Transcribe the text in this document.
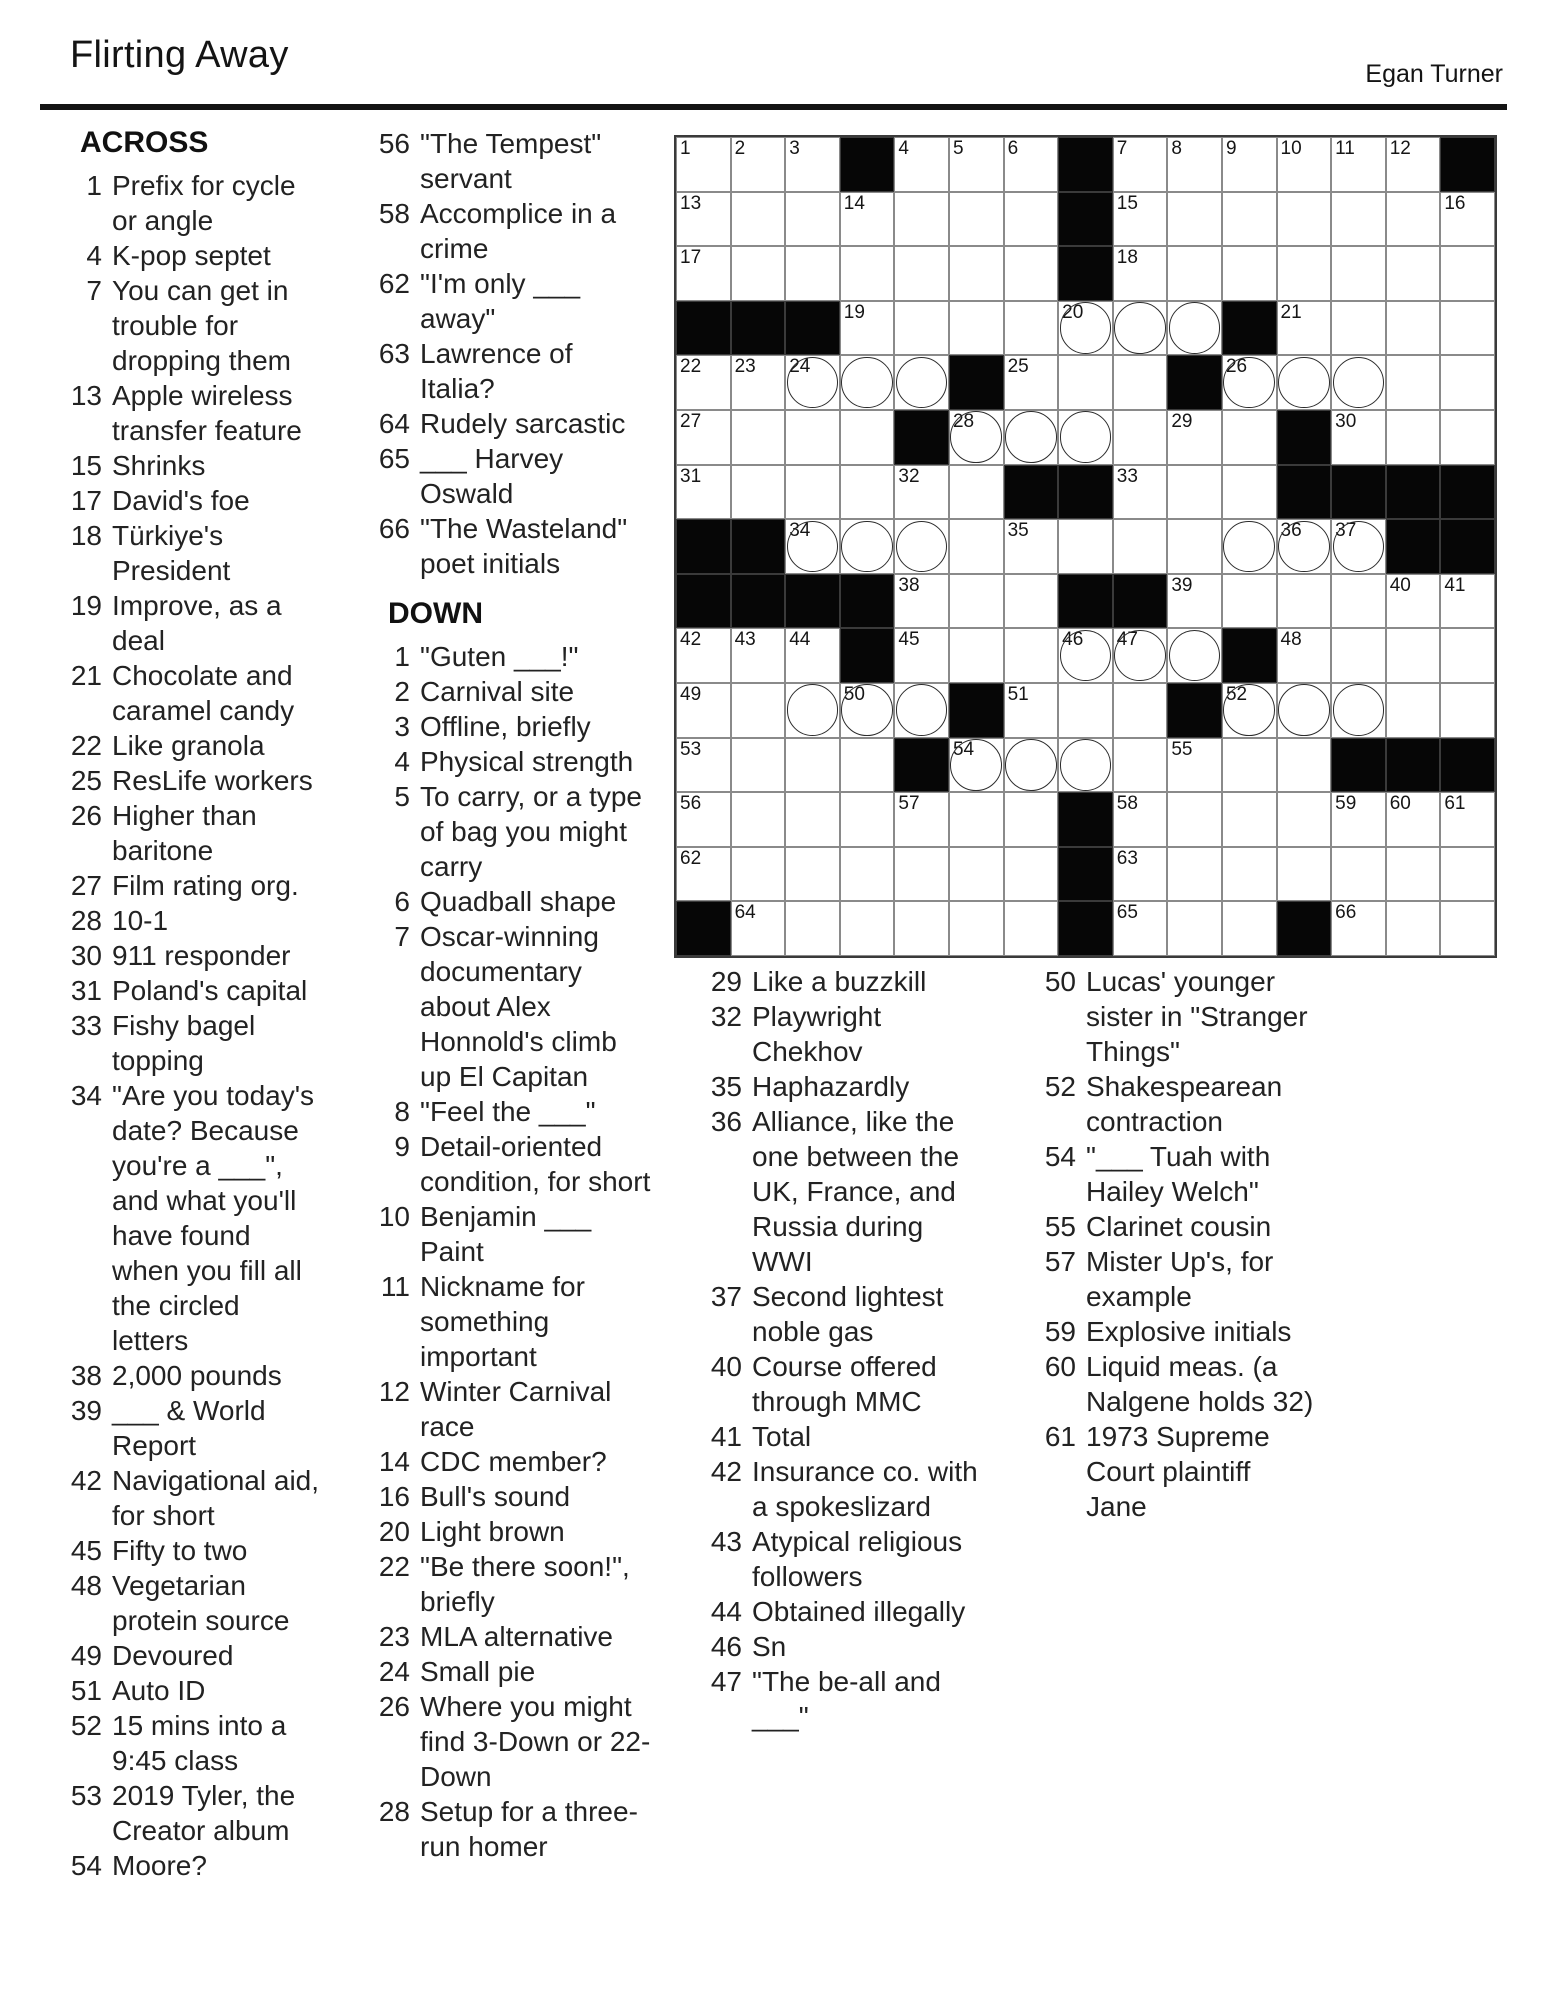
Flirting Away	Egan Turner
ACROSS
1 Prefix for cycle or angle
4 K-pop septet
7 You can get in trouble for dropping them
13 Apple wireless transfer feature
15 Shrinks
17 David's foe
18 Türkiye's President
19 Improve, as a deal
21 Chocolate and caramel candy
22 Like granola
25 ResLife workers
26 Higher than baritone
27 Film rating org.
28 10-1
30 911 responder
31 Poland's capital
33 Fishy bagel topping
34 "Are you today's date? Because you're a ___", and what you'll have found when you fill all the circled letters
38 2,000 pounds
39 ___ & World Report
42 Navigational aid, for short
45 Fifty to two
48 Vegetarian protein source
49 Devoured
51 Auto ID
52 15 mins into a 9:45 class
53 2019 Tyler, the Creator album
54 Moore?
56 "The Tempest" servant
58 Accomplice in a crime
62 "I'm only ___ away"
63 Lawrence of Italia?
64 Rudely sarcastic
65 ___ Harvey Oswald
66 "The Wasteland" poet initials
DOWN
1 "Guten ___!"
2 Carnival site
3 Offline, briefly
4 Physical strength
5 To carry, or a type of bag you might carry
6 Quadball shape
7 Oscar-winning documentary about Alex Honnold's climb up El Capitan
8 "Feel the ___"
9 Detail-oriented condition, for short
10 Benjamin ___ Paint
11 Nickname for something important
12 Winter Carnival race
14 CDC member?
16 Bull's sound
20 Light brown
22 "Be there soon!", briefly
23 MLA alternative
24 Small pie
26 Where you might find 3-Down or 22-Down
28 Setup for a three-run homer
1 2 3	4 5 6	7 8 9 10 11 12
13	14	15	16
17	18
19	20	21
22 23 24	25	26
27	28	29	30
31	32	33
34	35	36 37
38	39	40 41
42 43 44	45	46 47	48
49	50	51	52
53	54	55
56	57	58	59 60 61
62	63
64	65	66
29 Like a buzzkill
32 Playwright Chekhov
35 Haphazardly
36 Alliance, like the one between the UK, France, and Russia during WWI
37 Second lightest noble gas
40 Course offered through MMC
41 Total
42 Insurance co. with a spokeslizard
43 Atypical religious followers
44 Obtained illegally
46 Sn
47 "The be-all and ___"
50 Lucas' younger sister in "Stranger Things"
52 Shakespearean contraction
54 "___ Tuah with Hailey Welch"
55 Clarinet cousin
57 Mister Up's, for example
59 Explosive initials
60 Liquid meas. (a Nalgene holds 32)
61 1973 Supreme Court plaintiff Jane
